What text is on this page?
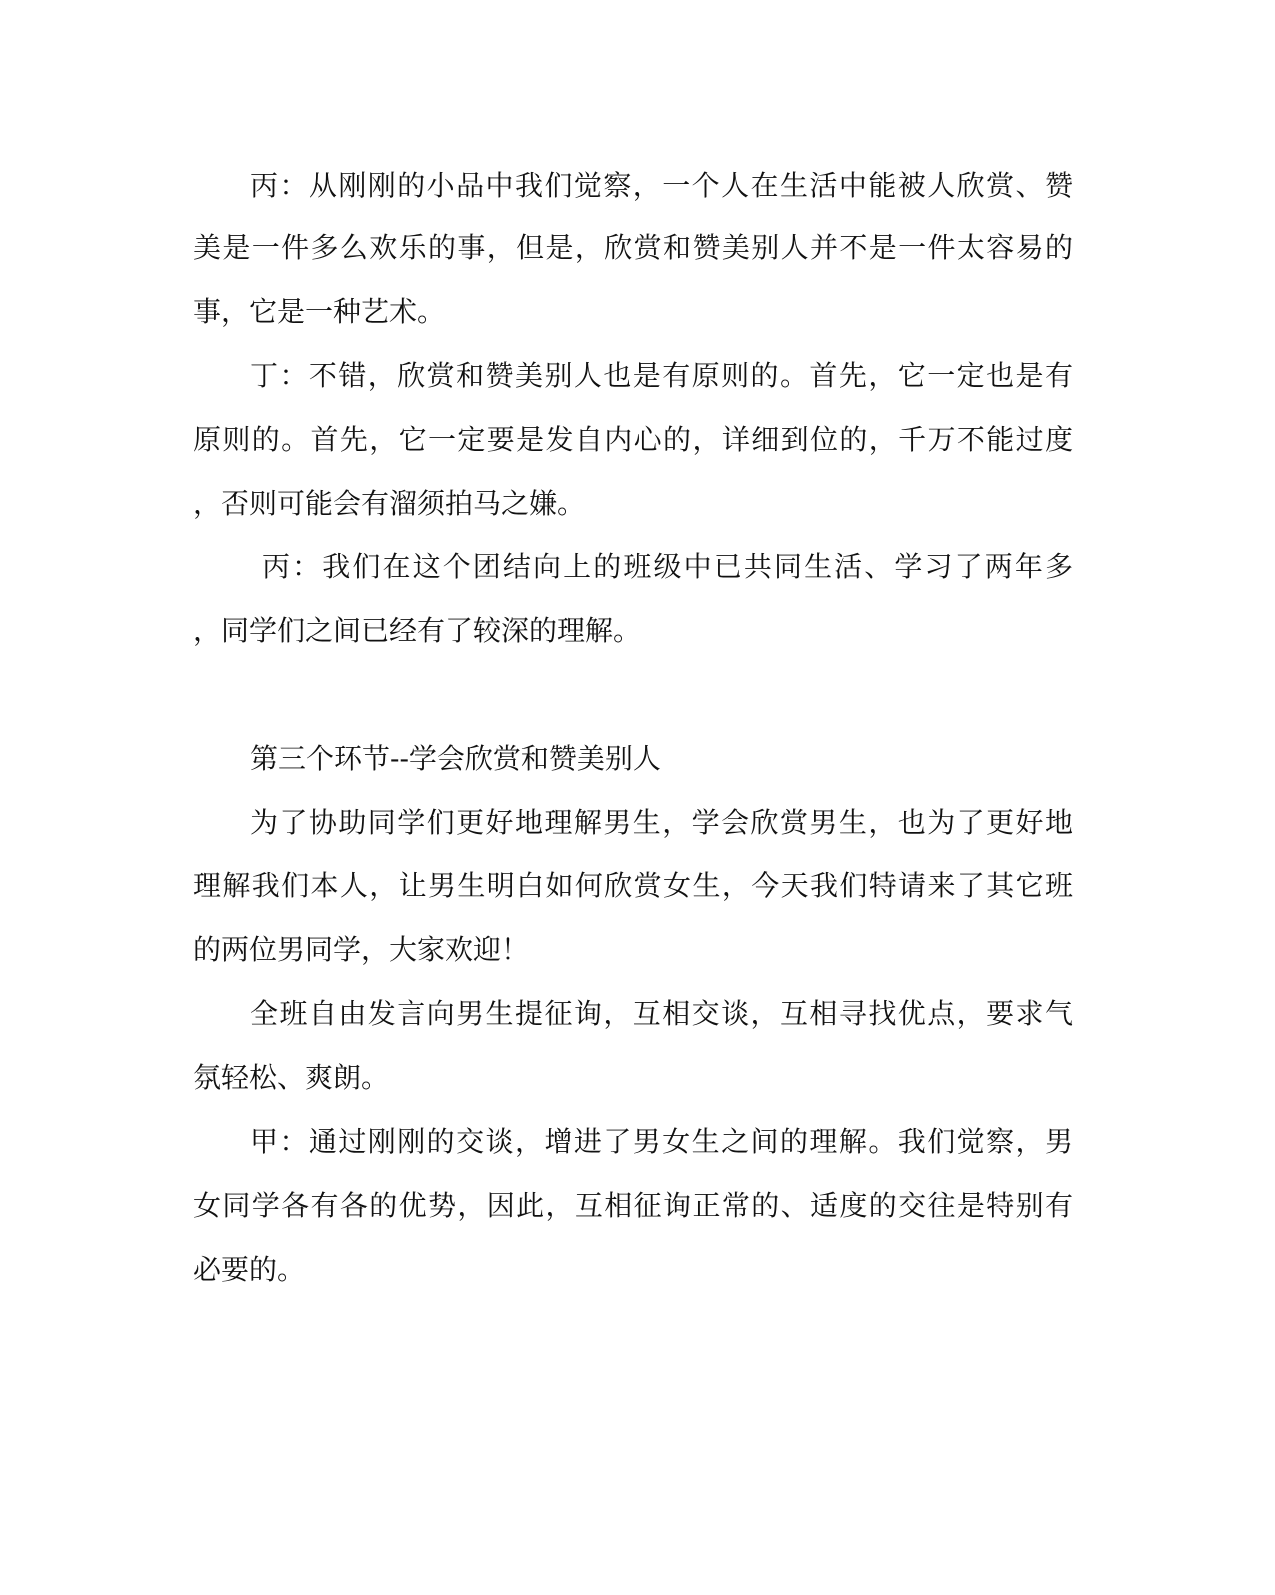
丙：从刚刚的小品中我们觉察，一个人在生活中能被人欣赏、赞
美是一件多么欢乐的事，但是，欣赏和赞美别人并不是一件太容易的
事，它是一种艺术。
丁：不错，欣赏和赞美别人也是有原则的。首先，它一定也是有
原则的。首先，它一定要是发自内心的，详细到位的，千万不能过度
，否则可能会有溜须拍马之嫌。
丙：我们在这个团结向上的班级中已共同生活、学习了两年多
，同学们之间已经有了较深的理解。
第三个环节--学会欣赏和赞美别人
为了协助同学们更好地理解男生，学会欣赏男生，也为了更好地
理解我们本人，让男生明白如何欣赏女生，今天我们特请来了其它班
的两位男同学，大家欢迎！
全班自由发言向男生提征询，互相交谈，互相寻找优点，要求气
氛轻松、爽朗。
甲：通过刚刚的交谈，增进了男女生之间的理解。我们觉察，男
女同学各有各的优势，因此，互相征询正常的、适度的交往是特别有
必要的。
